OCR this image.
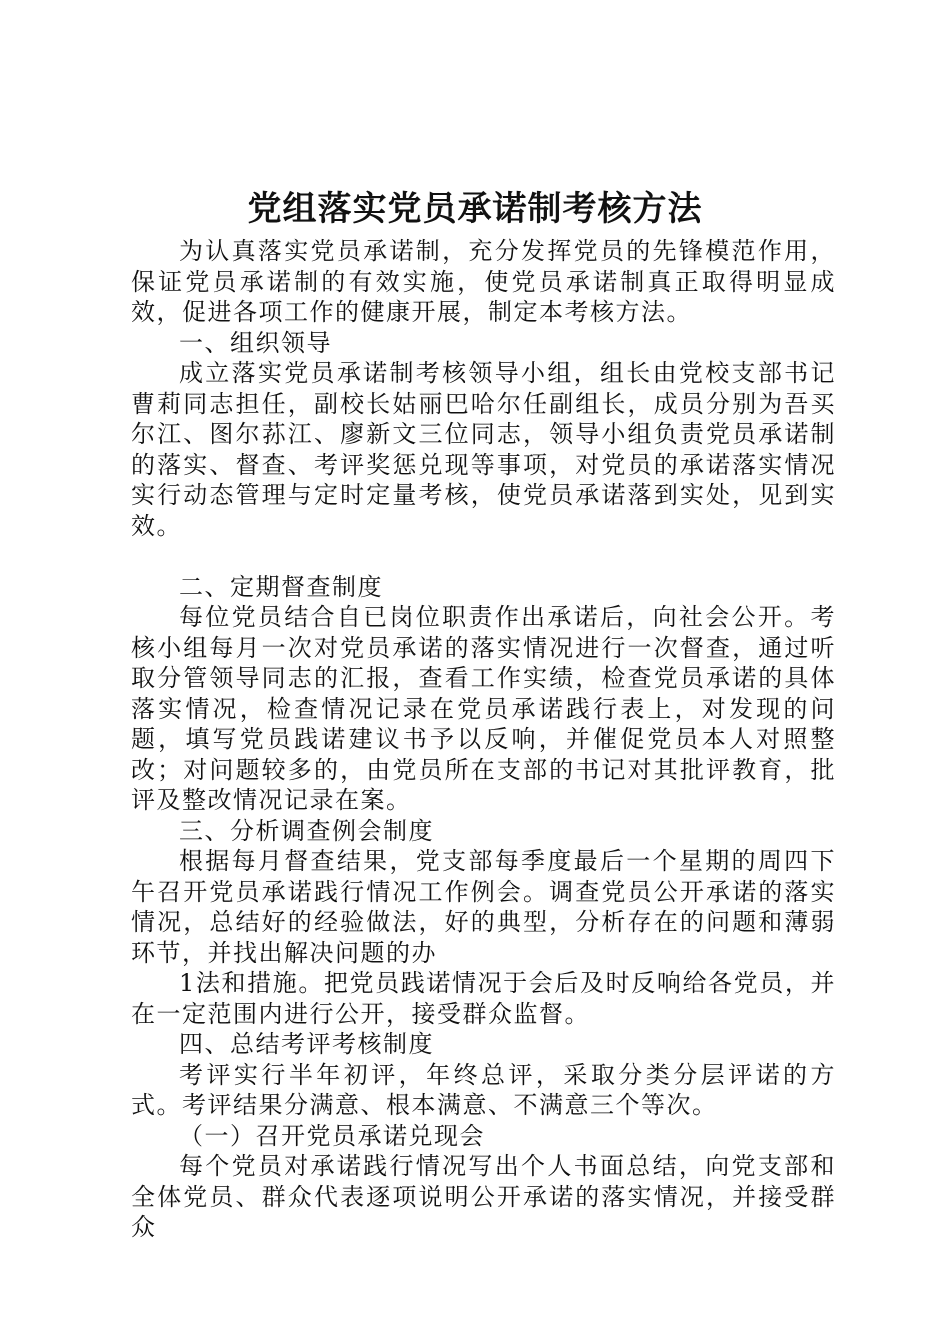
党组落实党员承诺制考核方法

为认真落实党员承诺制，充分发挥党员的先锋模范作用，保证党员承诺制的有效实施，使党员承诺制真正取得明显成效，促进各项工作的健康开展，制定本考核方法。

一、组织领导

成立落实党员承诺制考核领导小组，组长由党校支部书记曹莉同志担任，副校长姑丽巴哈尔任副组长，成员分别为吾买尔江、图尔荪江、廖新文三位同志，领导小组负责党员承诺制的落实、督查、考评奖惩兑现等事项，对党员的承诺落实情况实行动态管理与定时定量考核，使党员承诺落到实处，见到实效。

二、定期督查制度

每位党员结合自已岗位职责作出承诺后，向社会公开。考核小组每月一次对党员承诺的落实情况进行一次督查，通过听取分管领导同志的汇报，查看工作实绩，检查党员承诺的具体落实情况，检查情况记录在党员承诺践行表上，对发现的问题，填写党员践诺建议书予以反响，并催促党员本人对照整改；对问题较多的，由党员所在支部的书记对其批评教育，批评及整改情况记录在案。

三、分析调查例会制度

根据每月督查结果，党支部每季度最后一个星期的周四下午召开党员承诺践行情况工作例会。调查党员公开承诺的落实情况，总结好的经验做法，好的典型，分析存在的问题和薄弱环节，并找出解决问题的办

1法和措施。把党员践诺情况于会后及时反响给各党员，并在一定范围内进行公开，接受群众监督。

四、总结考评考核制度

考评实行半年初评，年终总评，采取分类分层评诺的方式。考评结果分满意、根本满意、不满意三个等次。

（一）召开党员承诺兑现会

每个党员对承诺践行情况写出个人书面总结，向党支部和全体党员、群众代表逐项说明公开承诺的落实情况，并接受群众
